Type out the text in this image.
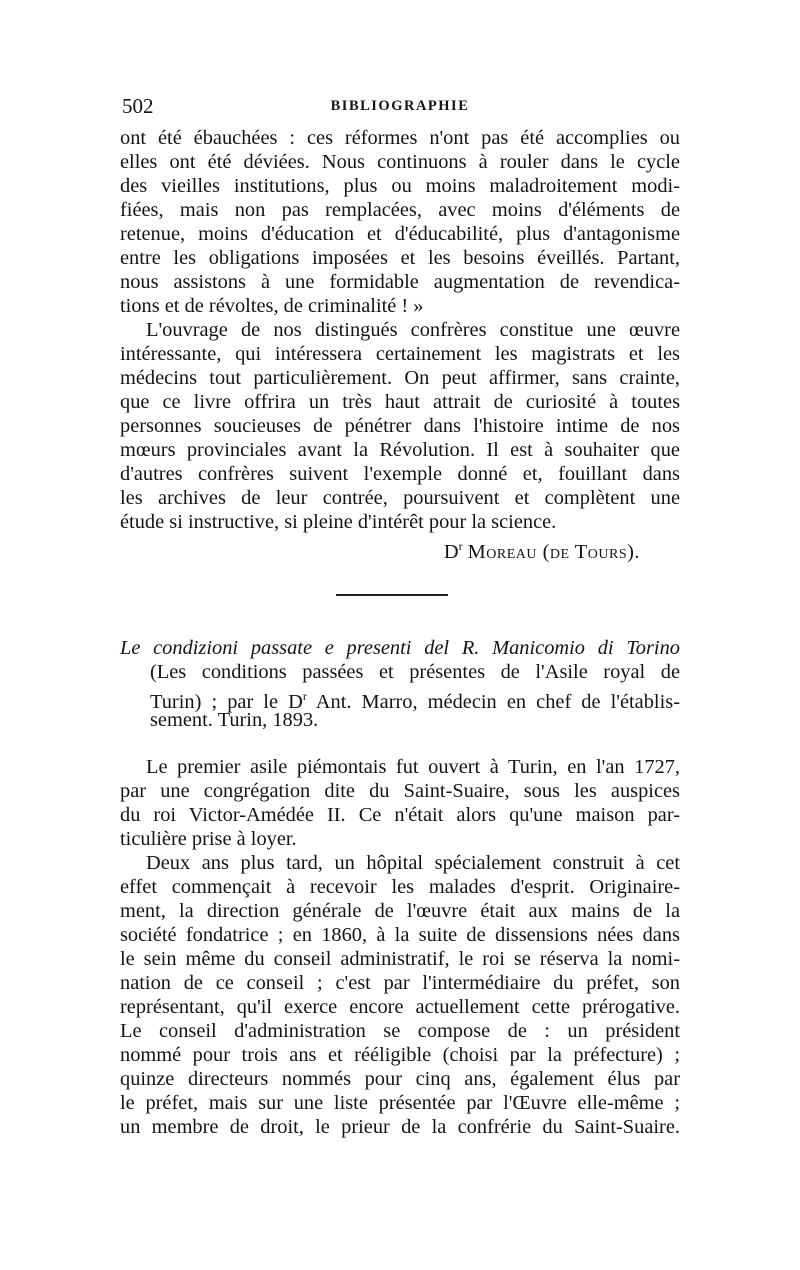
502	BIBLIOGRAPHIE
ont été ébauchées : ces réformes n'ont pas été accomplies ou
elles ont été déviées. Nous continuons à rouler dans le cycle
des vieilles institutions, plus ou moins maladroitement modi-
fiées, mais non pas remplacées, avec moins d'éléments de
retenue, moins d'éducation et d'éducabilité, plus d'antagonisme
entre les obligations imposées et les besoins éveillés. Partant,
nous assistons à une formidable augmentation de revendica-
tions et de révoltes, de criminalité ! »
L'ouvrage de nos distingués confrères constitue une œuvre
intéressante, qui intéressera certainement les magistrats et les
médecins tout particulièrement. On peut affirmer, sans crainte,
que ce livre offrira un très haut attrait de curiosité à toutes
personnes soucieuses de pénétrer dans l'histoire intime de nos
mœurs provinciales avant la Révolution. Il est à souhaiter que
d'autres confrères suivent l'exemple donné et, fouillant dans
les archives de leur contrée, poursuivent et complètent une
étude si instructive, si pleine d'intérêt pour la science.
$D^r$ Moreau (de Tours).
Le condizioni passate e presenti del R. Manicomio di Torino
(Les conditions passées et présentes de l'Asile royal de
Turin) ; par le $D^r$ Ant. Marro, médecin en chef de l'établis-
sement. Turin, 1893.
Le premier asile piémontais fut ouvert à Turin, en l'an 1727,
par une congrégation dite du Saint-Suaire, sous les auspices
du roi Victor-Amédée II. Ce n'était alors qu'une maison par-
ticulière prise à loyer.
Deux ans plus tard, un hôpital spécialement construit à cet
effet commençait à recevoir les malades d'esprit. Originaire-
ment, la direction générale de l'œuvre était aux mains de la
société fondatrice ; en 1860, à la suite de dissensions nées dans
le sein même du conseil administratif, le roi se réserva la nomi-
nation de ce conseil ; c'est par l'intermédiaire du préfet, son
représentant, qu'il exerce encore actuellement cette prérogative.
Le conseil d'administration se compose de : un président
nommé pour trois ans et rééligible (choisi par la préfecture) ;
quinze directeurs nommés pour cinq ans, également élus par
le préfet, mais sur une liste présentée par l'Œuvre elle-même ;
un membre de droit, le prieur de la confrérie du Saint-Suaire.
